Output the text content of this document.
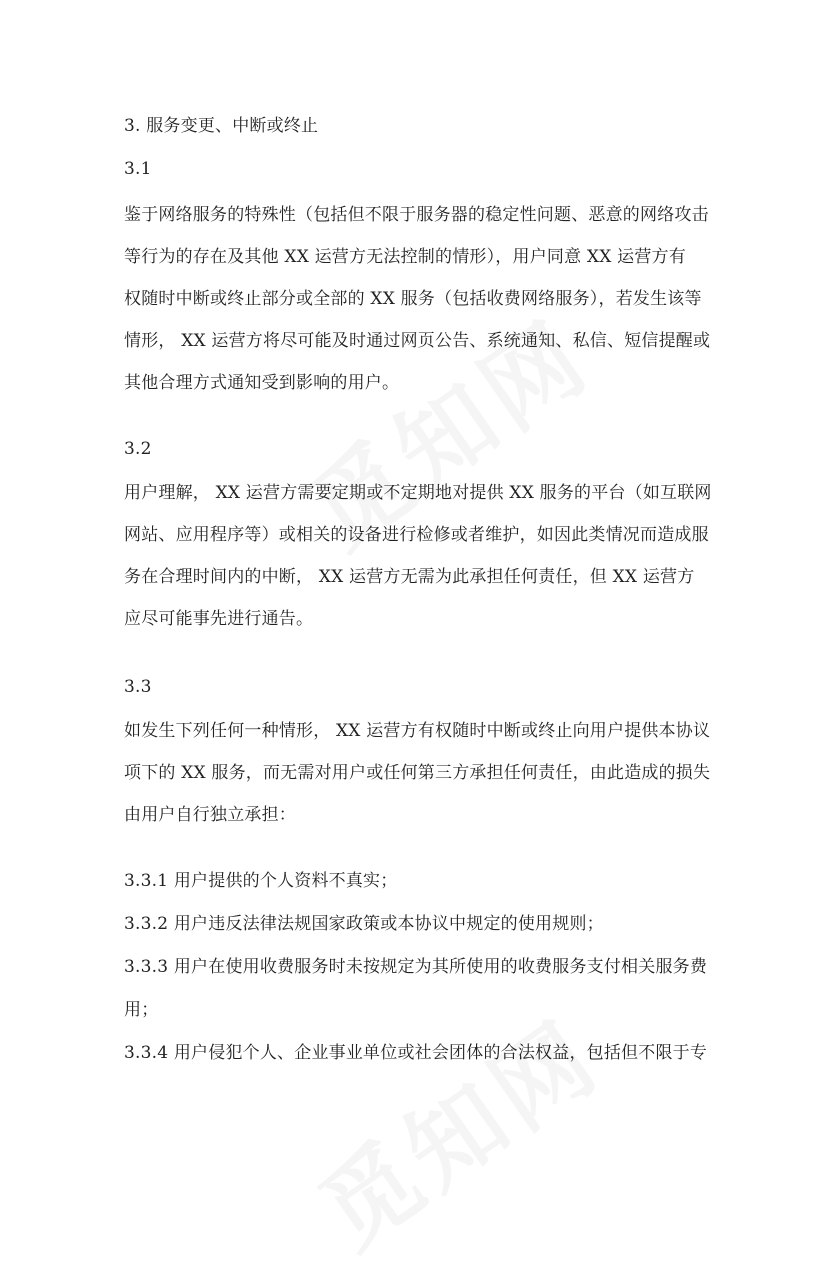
3. 服务变更、中断或终止
3.1
鉴于网络服务的特殊性（包括但不限于服务器的稳定性问题、恶意的网络攻击
等行为的存在及其他 XX 运营方无法控制的情形），用户同意 XX 运营方有
权随时中断或终止部分或全部的 XX 服务（包括收费网络服务），若发生该等
情形， XX 运营方将尽可能及时通过网页公告、系统通知、私信、短信提醒或
其他合理方式通知受到影响的用户。
3.2
用户理解， XX 运营方需要定期或不定期地对提供 XX 服务的平台（如互联网
网站、应用程序等）或相关的设备进行检修或者维护，如因此类情况而造成服
务在合理时间内的中断， XX 运营方无需为此承担任何责任，但 XX 运营方
应尽可能事先进行通告。
3.3
如发生下列任何一种情形， XX 运营方有权随时中断或终止向用户提供本协议
项下的 XX 服务，而无需对用户或任何第三方承担任何责任，由此造成的损失
由用户自行独立承担：
3.3.1 用户提供的个人资料不真实；
3.3.2 用户违反法律法规国家政策或本协议中规定的使用规则；
3.3.3 用户在使用收费服务时未按规定为其所使用的收费服务支付相关服务费
用；
3.3.4 用户侵犯个人、企业事业单位或社会团体的合法权益，包括但不限于专
